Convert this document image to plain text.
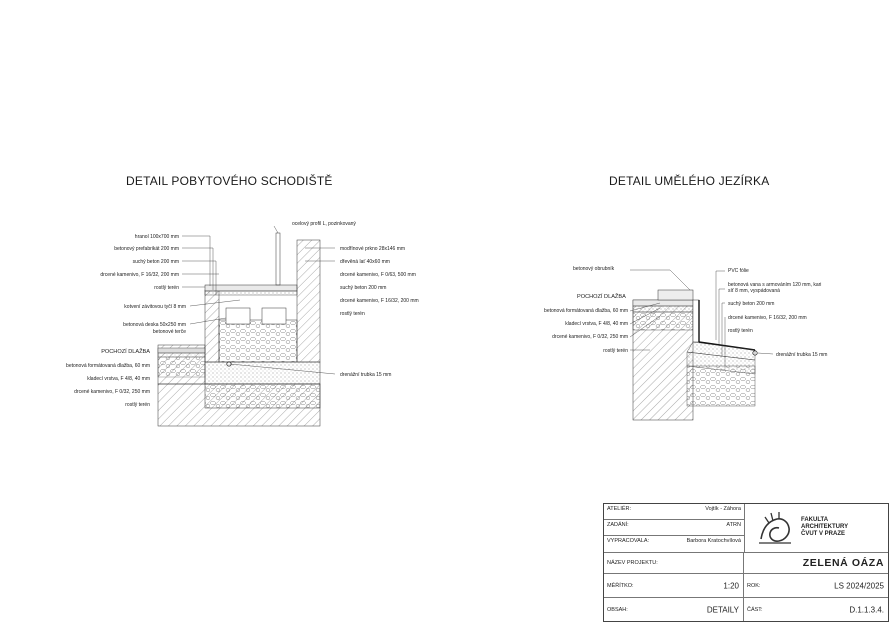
DETAIL POBYTOVÉHO SCHODIŠTĚ	DETAIL UMĚLÉHO JEZÍRKA
hranol 100x700 mm
betonový prefabrikát 200 mm
suchý beton 200 mm
drcené kamenivo, F 16/32, 200 mm
rostlý terén
kotvení závitovou tyčí 8 mm
betonová deska 50x250 mm
betonové terče
POCHOZÍ DLAŽBA
betonová formátovaná dlažba, 60 mm
kladecí vrstva, F 4/8, 40 mm
drcené kamenivo, F 0/32, 250 mm
rostlý terén
ocelový profil L, pozinkovaný
modřínové prkno 28x146 mm
dřevěná lať 40x60 mm
drcené kamenivo, F 0/63, 500 mm
suchý beton 200 mm
drcené kamenivo, F 16/32, 200 mm
rostlý terén
drenážní trubka 15 mm
betonový obrubník
POCHOZÍ DLAŽBA
betonová formátovaná dlažba, 60 mm
kladecí vrstva, F 4/8, 40 mm
drcené kamenivo, F 0/32, 250 mm
rostlý terén
PVC fólie
betonová vana s armováním 120 mm, kari
síť 8 mm, vyspádovaná
suchý beton 200 mm
drcené kamenivo, F 16/32, 200 mm
rostlý terén
drenážní trubka 15 mm
ATELIÉR:	Vojtík - Záhora
ZADÁNÍ:	ATRN
VYPRACOVALA:	Barbora Kratochvílová
FAKULTA
ARCHITEKTURY
ČVUT V PRAZE
NÁZEV PROJEKTU:	ZELENÁ OÁZA
MĚŘÍTKO:	1:20 ROK:	LS 2024/2025
OBSAH:	DETAILY ČÁST:	D.1.1.3.4.
